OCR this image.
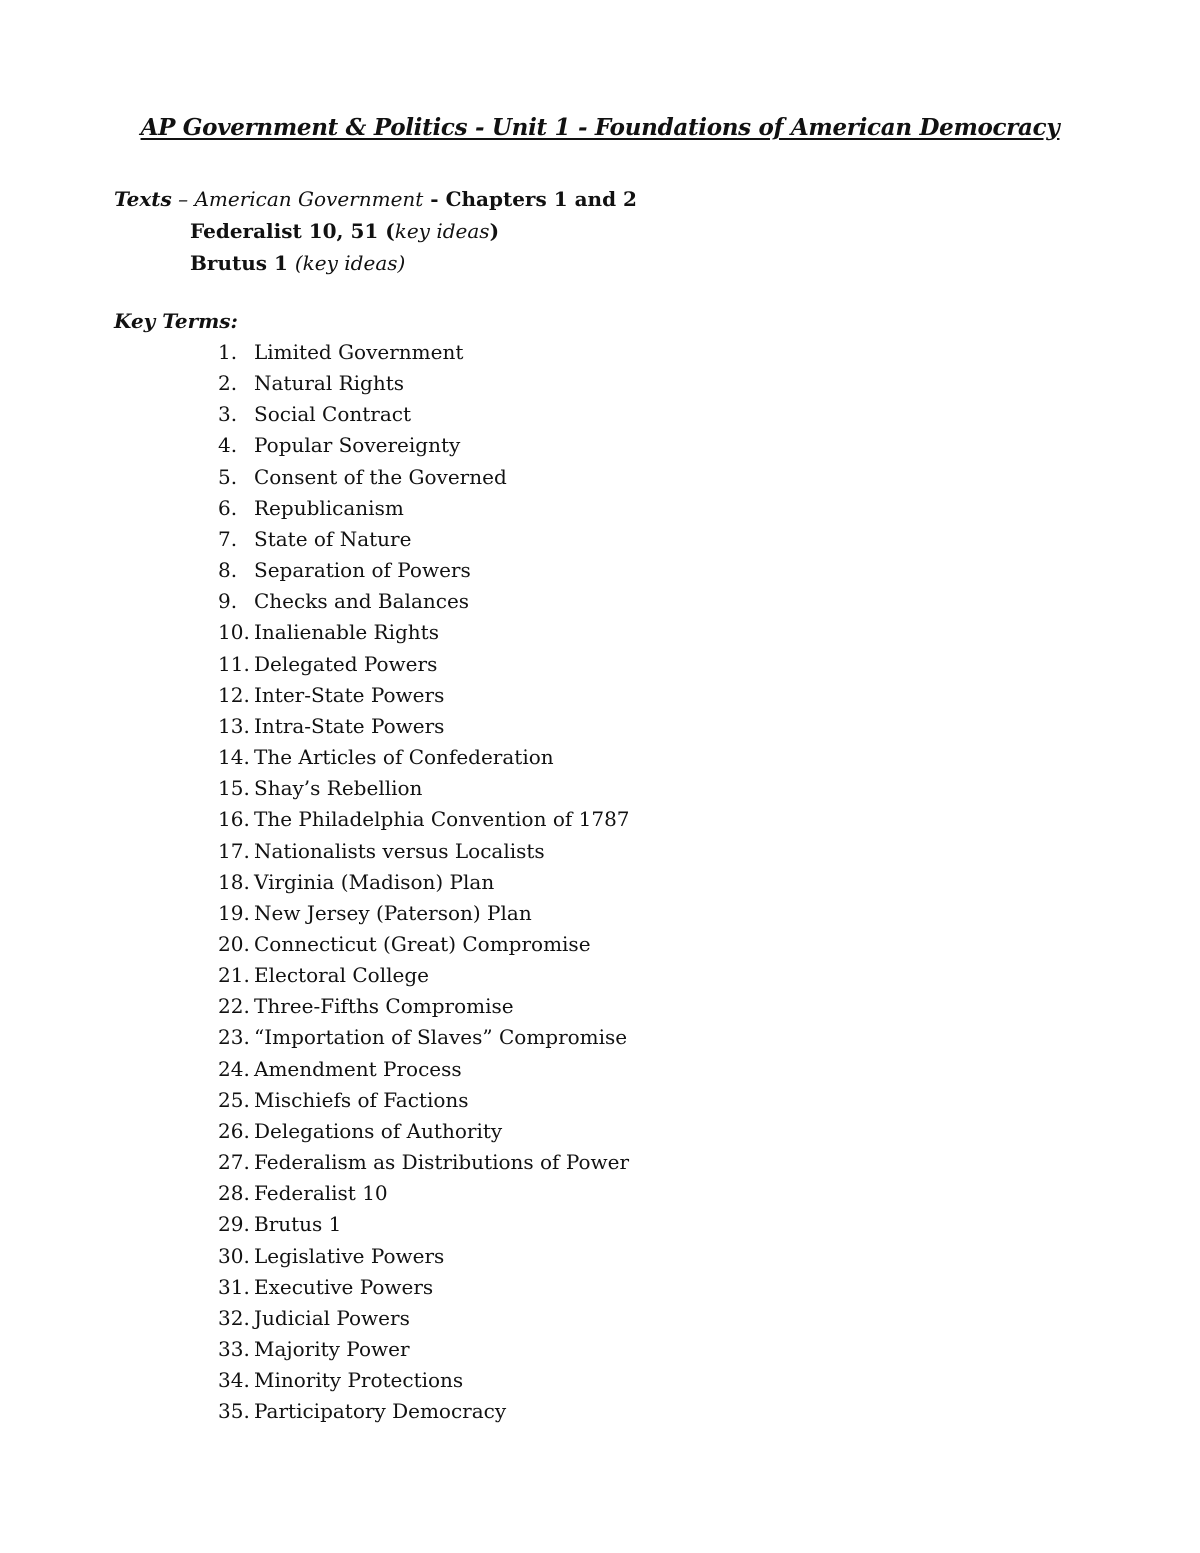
AP Government & Politics - Unit 1 - Foundations of American Democracy
Texts – American Government - Chapters 1 and 2
Federalist 10, 51 (key ideas)
Brutus 1 (key ideas)
Key Terms:
1. Limited Government
2. Natural Rights
3. Social Contract
4. Popular Sovereignty
5. Consent of the Governed
6. Republicanism
7. State of Nature
8. Separation of Powers
9. Checks and Balances
10. Inalienable Rights
11. Delegated Powers
12. Inter-State Powers
13. Intra-State Powers
14. The Articles of Confederation
15. Shay’s Rebellion
16. The Philadelphia Convention of 1787
17. Nationalists versus Localists
18. Virginia (Madison) Plan
19. New Jersey (Paterson) Plan
20. Connecticut (Great) Compromise
21. Electoral College
22. Three-Fifths Compromise
23. “Importation of Slaves” Compromise
24. Amendment Process
25. Mischiefs of Factions
26. Delegations of Authority
27. Federalism as Distributions of Power
28. Federalist 10
29. Brutus 1
30. Legislative Powers
31. Executive Powers
32. Judicial Powers
33. Majority Power
34. Minority Protections
35. Participatory Democracy
